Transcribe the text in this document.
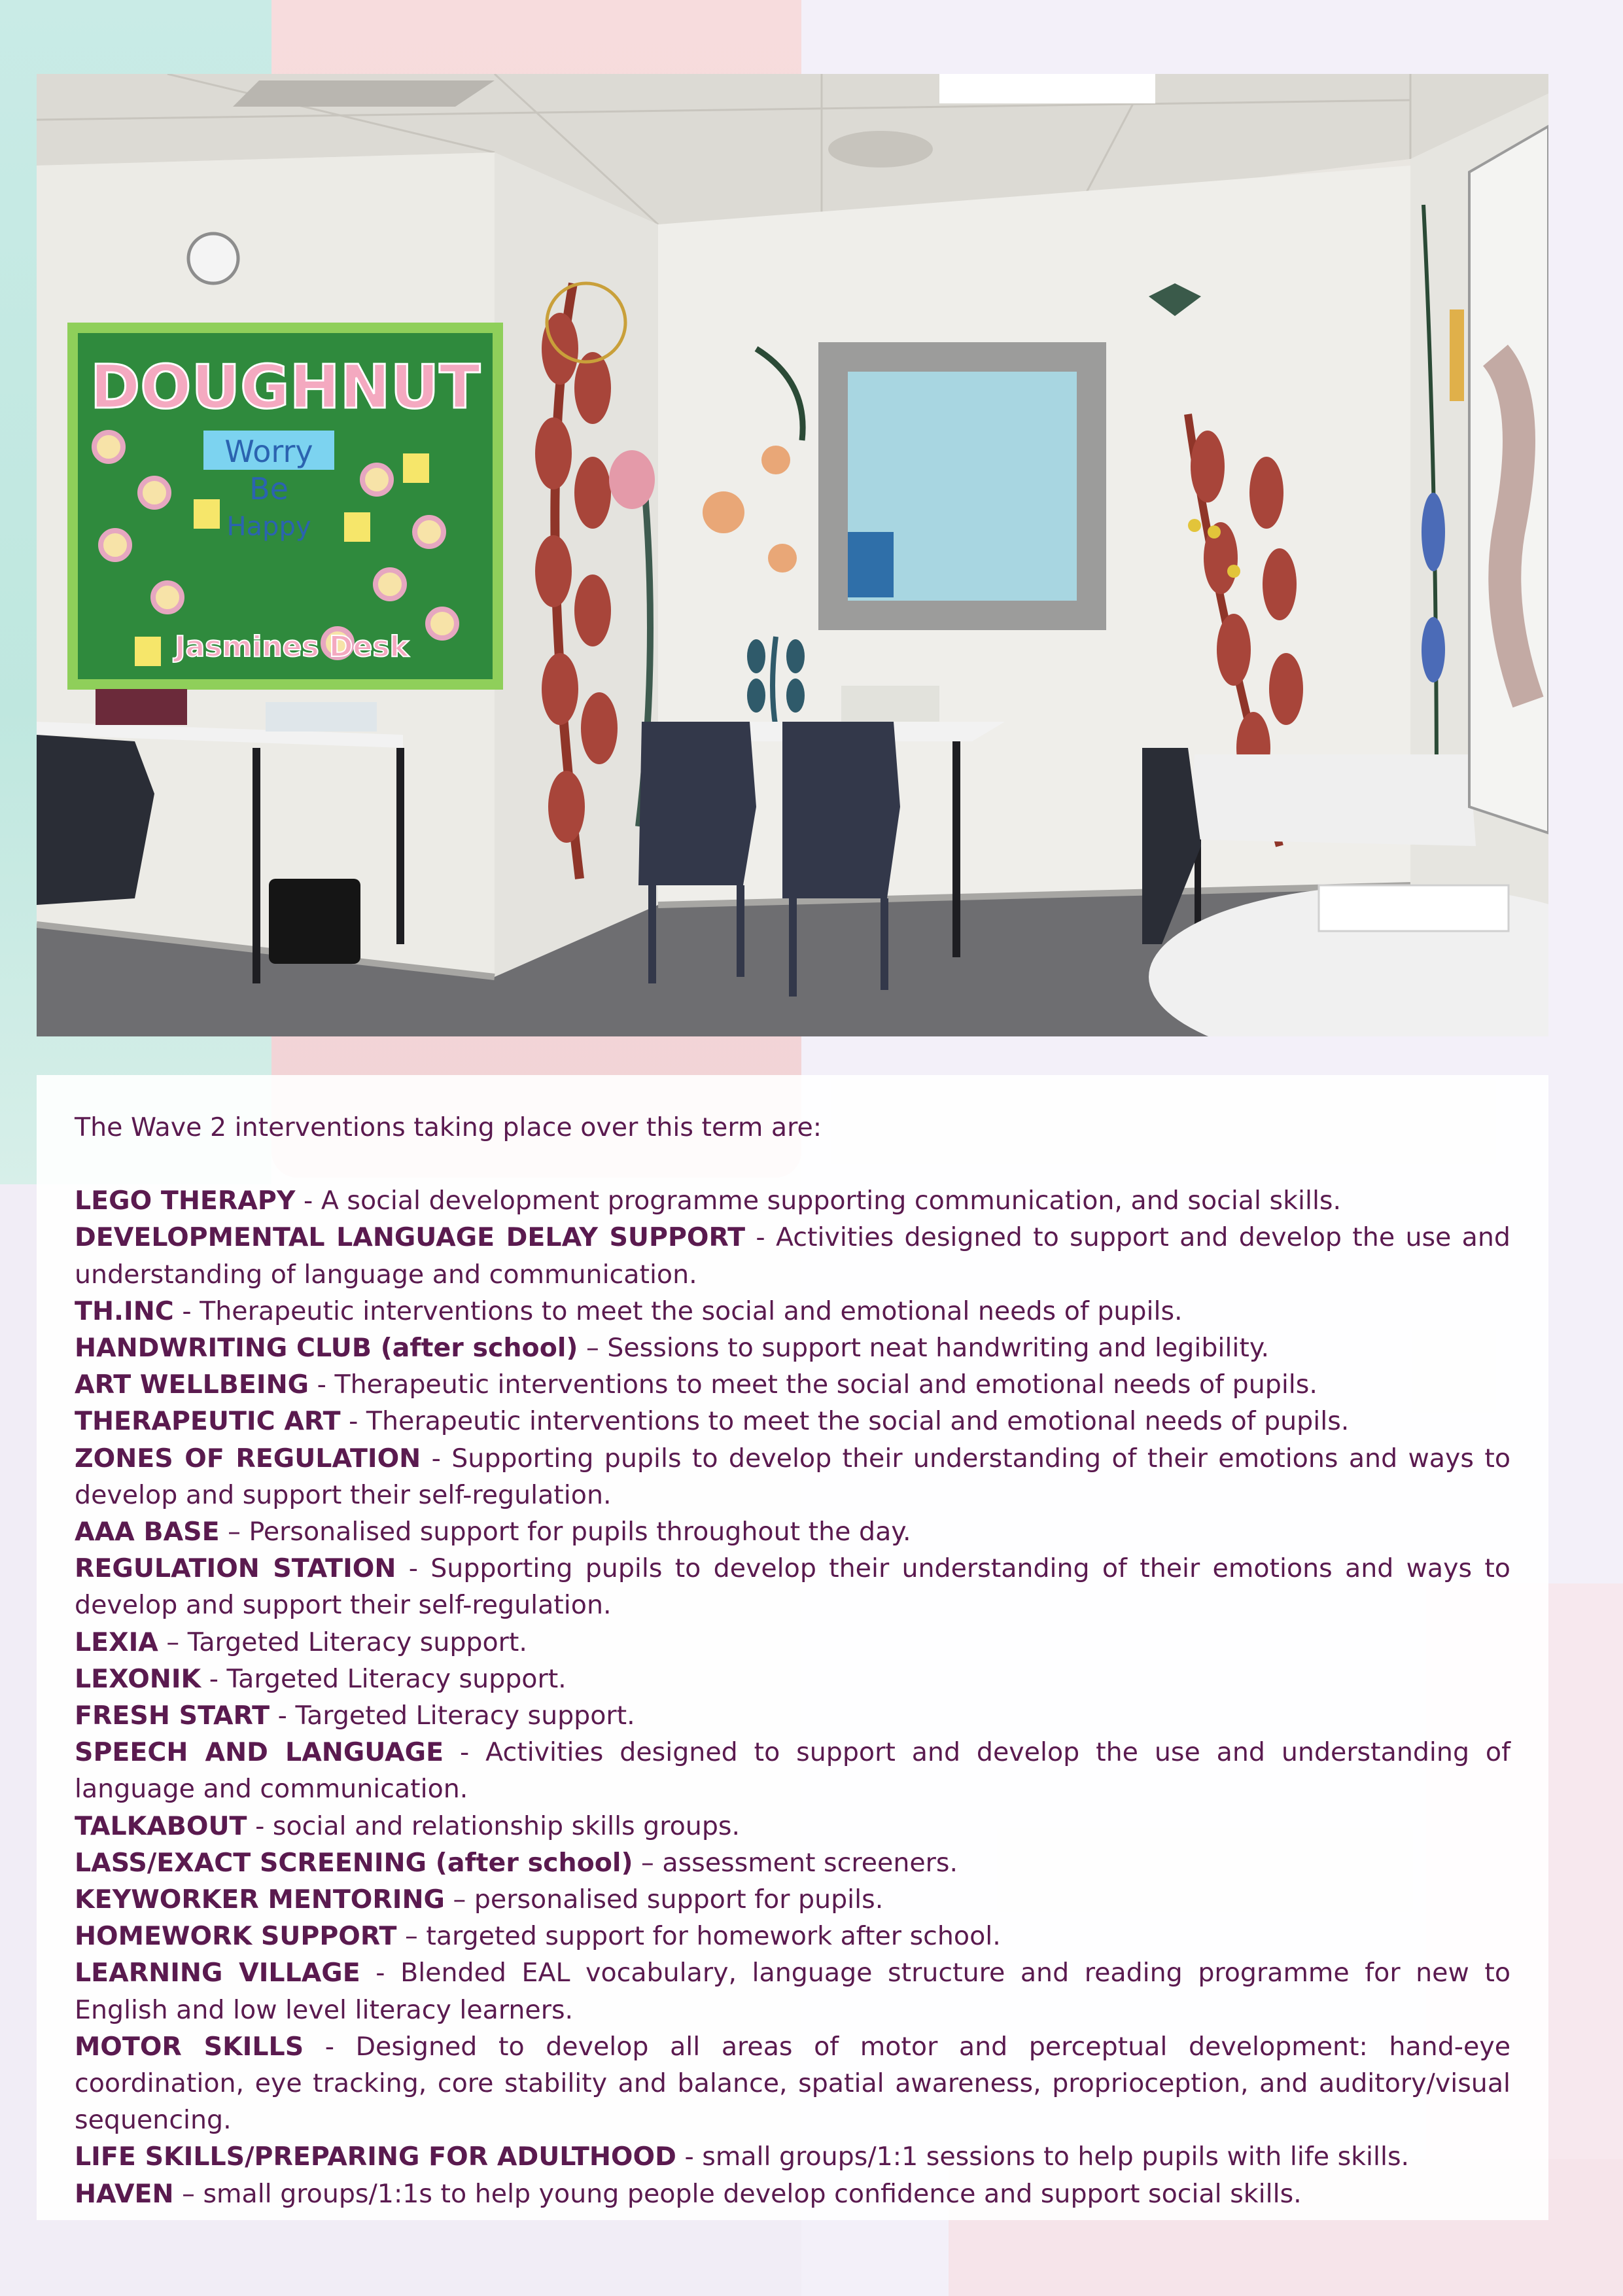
DOUGHNUT
Worry
Be
Happy
Jasmines Desk

The Wave 2 interventions taking place over this term are:

LEGO THERAPY - A social development programme supporting communication, and social skills.

DEVELOPMENTAL LANGUAGE DELAY SUPPORT - Activities designed to support and develop the use and understanding of language and communication.

TH.INC - Therapeutic interventions to meet the social and emotional needs of pupils.

HANDWRITING CLUB (after school) – Sessions to support neat handwriting and legibility.

ART WELLBEING - Therapeutic interventions to meet the social and emotional needs of pupils.

THERAPEUTIC ART - Therapeutic interventions to meet the social and emotional needs of pupils.

ZONES OF REGULATION - Supporting pupils to develop their understanding of their emotions and ways to develop and support their self-regulation.

AAA BASE – Personalised support for pupils throughout the day.

REGULATION STATION - Supporting pupils to develop their understanding of their emotions and ways to develop and support their self-regulation.

LEXIA – Targeted Literacy support.

LEXONIK - Targeted Literacy support.

FRESH START - Targeted Literacy support.

SPEECH AND LANGUAGE - Activities designed to support and develop the use and understanding of language and communication.

TALKABOUT - social and relationship skills groups.

LASS/EXACT SCREENING (after school) – assessment screeners.

KEYWORKER MENTORING – personalised support for pupils.

HOMEWORK SUPPORT – targeted support for homework after school.

LEARNING VILLAGE - Blended EAL vocabulary, language structure and reading programme for new to English and low level literacy learners.

MOTOR SKILLS - Designed to develop all areas of motor and perceptual development: hand-eye coordination, eye tracking, core stability and balance, spatial awareness, proprioception, and auditory/visual sequencing.

LIFE SKILLS/PREPARING FOR ADULTHOOD - small groups/1:1 sessions to help pupils with life skills.

HAVEN – small groups/1:1s to help young people develop confidence and support social skills.
